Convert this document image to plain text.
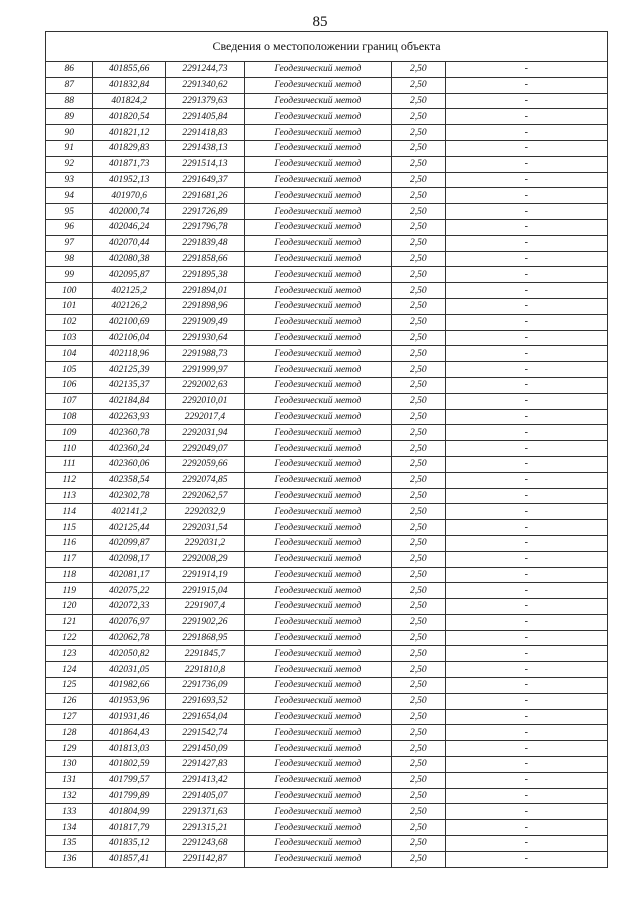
85
Сведения о местоположении границ объекта					
86	401855,66	2291244,73	Геодезический метод	2,50	-
87	401832,84	2291340,62	Геодезический метод	2,50	-
88	401824,2	2291379,63	Геодезический метод	2,50	-
89	401820,54	2291405,84	Геодезический метод	2,50	-
90	401821,12	2291418,83	Геодезический метод	2,50	-
91	401829,83	2291438,13	Геодезический метод	2,50	-
92	401871,73	2291514,13	Геодезический метод	2,50	-
93	401952,13	2291649,37	Геодезический метод	2,50	-
94	401970,6	2291681,26	Геодезический метод	2,50	-
95	402000,74	2291726,89	Геодезический метод	2,50	-
96	402046,24	2291796,78	Геодезический метод	2,50	-
97	402070,44	2291839,48	Геодезический метод	2,50	-
98	402080,38	2291858,66	Геодезический метод	2,50	-
99	402095,87	2291895,38	Геодезический метод	2,50	-
100	402125,2	2291894,01	Геодезический метод	2,50	-
101	402126,2	2291898,96	Геодезический метод	2,50	-
102	402100,69	2291909,49	Геодезический метод	2,50	-
103	402106,04	2291930,64	Геодезический метод	2,50	-
104	402118,96	2291988,73	Геодезический метод	2,50	-
105	402125,39	2291999,97	Геодезический метод	2,50	-
106	402135,37	2292002,63	Геодезический метод	2,50	-
107	402184,84	2292010,01	Геодезический метод	2,50	-
108	402263,93	2292017,4	Геодезический метод	2,50	-
109	402360,78	2292031,94	Геодезический метод	2,50	-
110	402360,24	2292049,07	Геодезический метод	2,50	-
111	402360,06	2292059,66	Геодезический метод	2,50	-
112	402358,54	2292074,85	Геодезический метод	2,50	-
113	402302,78	2292062,57	Геодезический метод	2,50	-
114	402141,2	2292032,9	Геодезический метод	2,50	-
115	402125,44	2292031,54	Геодезический метод	2,50	-
116	402099,87	2292031,2	Геодезический метод	2,50	-
117	402098,17	2292008,29	Геодезический метод	2,50	-
118	402081,17	2291914,19	Геодезический метод	2,50	-
119	402075,22	2291915,04	Геодезический метод	2,50	-
120	402072,33	2291907,4	Геодезический метод	2,50	-
121	402076,97	2291902,26	Геодезический метод	2,50	-
122	402062,78	2291868,95	Геодезический метод	2,50	-
123	402050,82	2291845,7	Геодезический метод	2,50	-
124	402031,05	2291810,8	Геодезический метод	2,50	-
125	401982,66	2291736,09	Геодезический метод	2,50	-
126	401953,96	2291693,52	Геодезический метод	2,50	-
127	401931,46	2291654,04	Геодезический метод	2,50	-
128	401864,43	2291542,74	Геодезический метод	2,50	-
129	401813,03	2291450,09	Геодезический метод	2,50	-
130	401802,59	2291427,83	Геодезический метод	2,50	-
131	401799,57	2291413,42	Геодезический метод	2,50	-
132	401799,89	2291405,07	Геодезический метод	2,50	-
133	401804,99	2291371,63	Геодезический метод	2,50	-
134	401817,79	2291315,21	Геодезический метод	2,50	-
135	401835,12	2291243,68	Геодезический метод	2,50	-
136	401857,41	2291142,87	Геодезический метод	2,50	-
